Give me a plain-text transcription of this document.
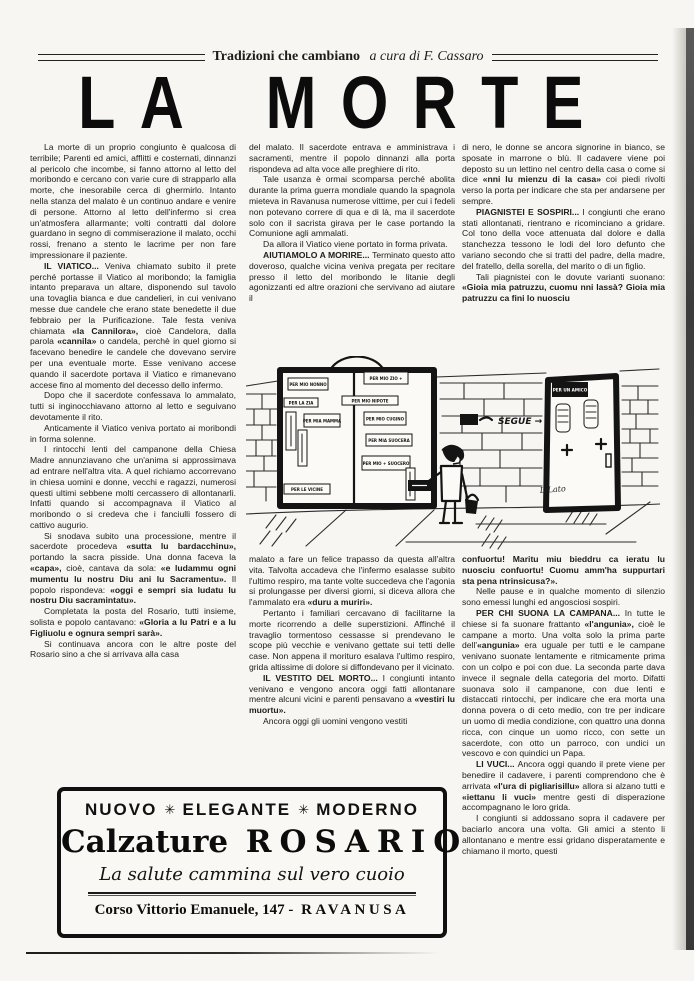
Tradizioni che cambiano a cura di F. Cassaro
LA MORTE

La morte di un proprio congiunto è qualcosa di terribile; Parenti ed amici, afflitti e costernati, dinnanzi al pericolo che incombe, si fanno attorno al letto del moribondo e cercano con varie cure di strapparlo alla morte, che inesorabile cerca di ghermirlo. Intanto nella stanza del malato è un continuo andare e venire di persone. Attorno al letto dell'infermo si crea un'atmosfera allarmante; volti contratti dal dolore guardano in segno di commiserazione il malato, occhi rossi, frenano a stento le lacrime per non fare impressionare il paziente.

IL VIATICO... Veniva chiamato subito il prete perché portasse il Viatico al moribondo; la famiglia intanto preparava un altare, disponendo sul tavolo una tovaglia bianca e due candelieri, in cui venivano messe due candele che erano state benedette il due febbraio per la Purificazione. Tale festa veniva chiamata «la Cannilora», cioè Candelora, dalla parola «cannila» o candela, perchè in quel giorno si facevano benedire le candele che dovevano servire per una eventuale morte. Esse venivano accese quando il sacerdote portava il Viatico e rimanevano accese fino al momento del decesso dello infermo.

Dopo che il sacerdote confessava lo ammalato, tutti si inginocchiavano attorno al letto e seguivano devotamente il rito.

Anticamente il Viatico veniva portato ai moribondi in forma solenne.

I rintocchi lenti del campanone della Chiesa Madre annunziavano che un'anima si approssimava ad entrare nell'altra vita. A quel richiamo accorrevano in chiesa uomini e donne, vecchi e ragazzi, numerosi questi ultimi sebbene molti cercassero di allontanarli. Infatti quando si accompagnava il Viatico al moribondo o si credeva che i fanciulli fossero di cattivo augurio.

Si snodava subito una processione, mentre il sacerdote procedeva «sutta lu bardacchinu», portando la sacra pisside. Una donna faceva la «capa», cioè, cantava da sola: «e ludammu ogni mumentu lu nostru Diu ani lu Sacramentu». Il popolo rispondeva: «oggi e sempri sia ludatu lu nostru Diu sacramintatu».

Completata la posta del Rosario, tutti insieme, solista e popolo cantavano: «Gloria a lu Patri e a lu Figliuolu e ognura sempri sarà».

Si continuava ancora con le altre poste del Rosario sino a che si arrivava alla casa

del malato. Il sacerdote entrava e amministrava i sacramenti, mentre il popolo dinnanzi alla porta rispondeva ad alta voce alle preghiere di rito.

Tale usanza è ormai scomparsa perché abolita durante la prima guerra mondiale quando la spagnola mieteva in Ravanusa numerose vittime, per cui i fedeli non potevano correre di qua e di là, ma il sacerdote solo con il sacrista girava per le case portando la Comunione agli ammalati.

Da allora il Viatico viene portato in forma privata.

AIUTIAMOLO A MORIRE... Terminato questo atto doveroso, qualche vicina veniva pregata per recitare presso il letto del moribondo le litanie degli agonizzanti ed altre orazioni che servivano ad aiutare il

di nero, le donne se ancora signorine in bianco, se sposate in marrone o blù. Il cadavere viene poi deposto su un lettino nel centro della casa o come si dice «nni lu mienzu di la casa» coi piedi rivolti verso la porta per indicare che sta per andarsene per sempre.

PIAGNISTEI E SOSPIRI... I congiunti che erano stati allontanati, rientrano e ricominciano a gridare. Col tono della voce attenuata dal dolore e dalla stanchezza tessono le lodi del loro defunto che variano secondo che si tratti del padre, della madre, del fratello, della sorella, del marito o di un figlio.

Tali piagnistei con le dovute varianti suonano: «Gioia mia patruzzu, cuomu nni lassà? Gioia mia patruzzu ca fini lo nuosciu

malato a fare un felice trapasso da questa all'altra vita. Talvolta accadeva che l'infermo esalasse subito l'ultimo respiro, ma tante volte succedeva che l'agonia si prolungasse per diversi giorni, si diceva allora che l'ammalato era «duru a muriri».

Pertanto i familiari cercavano di facilitarne la morte ricorrendo a delle superstizioni. Affinché il travaglio tormentoso cessasse si prendevano le scope più vecchie e venivano gettate sui tetti delle case. Non appena il morituro esalava l'ultimo respiro, grida altissime di dolore si diffondevano per il vicinato.

IL VESTITO DEL MORTO... I congiunti intanto venivano e vengono ancora oggi fatti allontanare mentre alcuni vicini e parenti pensavano a «vestiri lu muortu».

Ancora oggi gli uomini vengono vestiti

confuortu! Maritu miu bieddru ca ieratu lu nuosciu confuortu! Cuomu amm'ha suppurtari sta pena ntrinsicusa?».

Nelle pause e in qualche momento di silenzio sono emessi lunghi ed angosciosi sospiri.

PER CHI SUONA LA CAMPANA... In tutte le chiese si fa suonare frattanto «l'angunia», cioè le campane a morto. Una volta solo la prima parte dell'«angunia» era uguale per tutti e le campane venivano suonate lentamente e ritmicamente prima con un colpo e poi con due. La seconda parte dava invece il segnale della categoria del morto. Difatti suonava solo il campanone, con due lenti e distaccati rintocchi, per indicare che era morta una donna povera o di ceto medio, con tre per indicare un uomo di media condizione, con quattro una donna ricca, con cinque un uomo ricco, con sette un sacerdote, con otto un parroco, con undici un vescovo e con quindici un Papa.

LI VUCI... Ancora oggi quando il prete viene per benedire il cadavere, i parenti comprendono che è arrivata «l'ura di pigliarisillu» allora si alzano tutti e «iettanu li vuci» mentre gesti di disperazione accompagnano le loro grida.

I congiunti si addossano sopra il cadavere per baciarlo ancora una volta. Gli amici a stento li allontanano e mentre essi gridano disperatamente e chiamano il morto, questi

PER MIO NONNO
PER MIO ZIO +
PER LA ZIA	PER MIO NIPOTE
PER MIA MAMMA	PER MIO CUGINO
PER MIA SUOCERA
PER MIO + SUOCERO
PER LE VICINE
SEGUE →
PER UN AMICO
LiLato
NUOVO ✳ ELEGANTE ✳ MODERNO
Calzature ROSARIO
La salute cammina sul vero cuoio
Corso Vittorio Emanuele, 147 - RAVANUSA
